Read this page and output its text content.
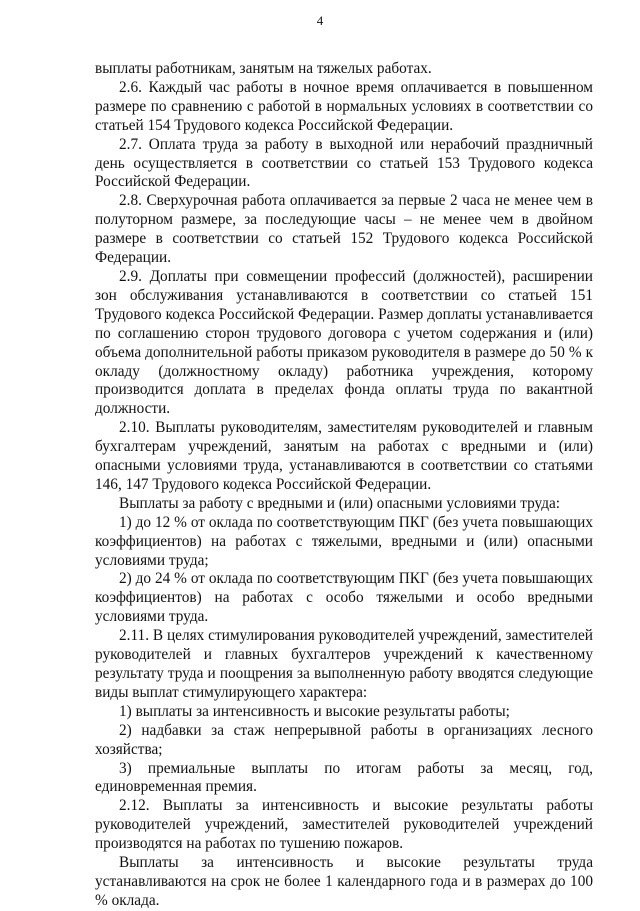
4

выплаты работникам, занятым на тяжелых работах.

2.6. Каждый час работы в ночное время оплачивается в повышенном размере по сравнению с работой в нормальных условиях в соответствии со статьей 154 Трудового кодекса Российской Федерации.

2.7. Оплата труда за работу в выходной или нерабочий праздничный день осуществляется в соответствии со статьей 153 Трудового кодекса Российской Федерации.

2.8. Сверхурочная работа оплачивается за первые 2 часа не менее чем в полуторном размере, за последующие часы – не менее чем в двойном размере в соответствии со статьей 152 Трудового кодекса Российской Федерации.

2.9. Доплаты при совмещении профессий (должностей), расширении зон обслуживания устанавливаются в соответствии со статьей 151 Трудового кодекса Российской Федерации. Размер доплаты устанавливается по соглашению сторон трудового договора с учетом содержания и (или) объема дополнительной работы приказом руководителя в размере до 50 % к окладу (должностному окладу) работника учреждения, которому производится доплата в пределах фонда оплаты труда по вакантной должности.

2.10. Выплаты руководителям, заместителям руководителей и главным бухгалтерам учреждений, занятым на работах с вредными и (или) опасными условиями труда, устанавливаются в соответствии со статьями 146, 147 Трудового кодекса Российской Федерации.

Выплаты за работу с вредными и (или) опасными условиями труда:

1) до 12 % от оклада по соответствующим ПКГ (без учета повышающих коэффициентов) на работах с тяжелыми, вредными и (или) опасными условиями труда;

2) до 24 % от оклада по соответствующим ПКГ (без учета повышающих коэффициентов) на работах с особо тяжелыми и особо вредными условиями труда.

2.11. В целях стимулирования руководителей учреждений, заместителей руководителей и главных бухгалтеров учреждений к качественному результату труда и поощрения за выполненную работу вводятся следующие виды выплат стимулирующего характера:

1) выплаты за интенсивность и высокие результаты работы;

2) надбавки за стаж непрерывной работы в организациях лесного хозяйства;

3) премиальные выплаты по итогам работы за месяц, год, единовременная премия.

2.12. Выплаты за интенсивность и высокие результаты работы руководителей учреждений, заместителей руководителей учреждений производятся на работах по тушению пожаров.

Выплаты за интенсивность и высокие результаты труда устанавливаются на срок не более 1 календарного года и в размерах до 100 % оклада.
